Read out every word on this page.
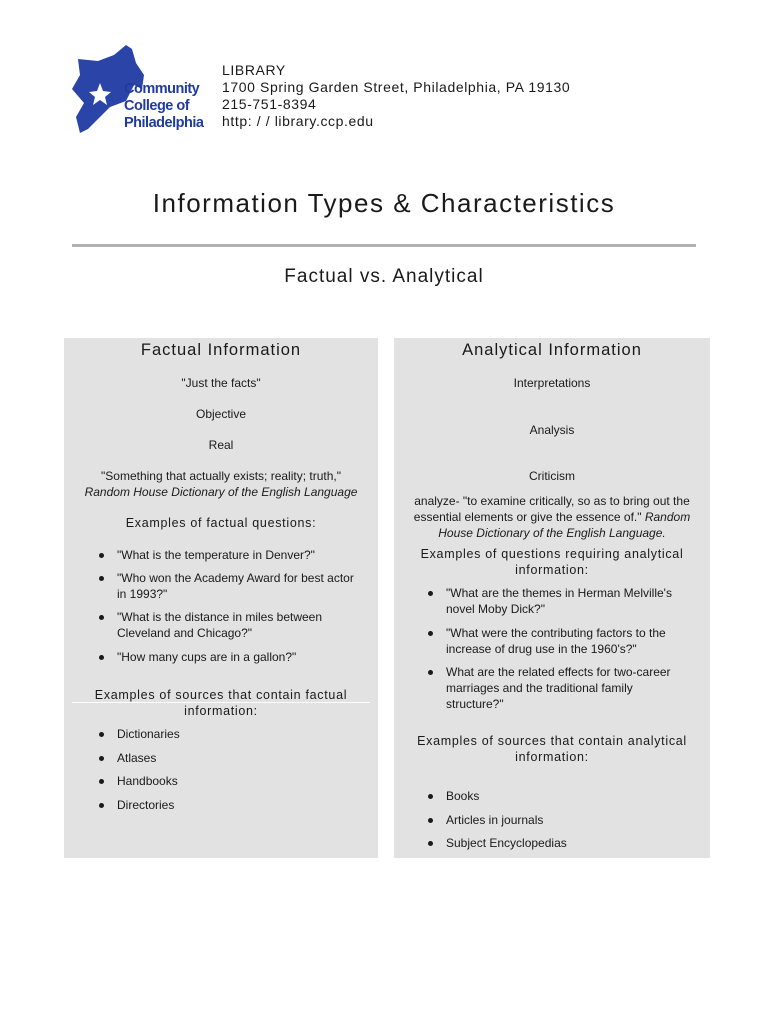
Community
College of
Philadelphia
LIBRARY
1700 Spring Garden Street, Philadelphia, PA 19130
215-751-8394
http: / / library.ccp.edu
Information Types & Characteristics
Factual vs. Analytical
Factual Information
"Just the facts"
Objective
Real
"Something that actually exists; reality; truth,"
Random House Dictionary of the English Language
Examples of factual questions:
"What is the temperature in Denver?"
"Who won the Academy Award for best actor
in 1993?"
"What is the distance in miles between
Cleveland and Chicago?"
"How many cups are in a gallon?"
Examples of sources that contain factual
information:
Dictionaries
Atlases
Handbooks
Directories
Analytical Information
Interpretations
Analysis
Criticism
analyze- "to examine critically, so as to bring out the
essential elements or give the essence of." Random
House Dictionary of the English Language.
Examples of questions requiring analytical
information:
"What are the themes in Herman Melville's
novel Moby Dick?"
"What were the contributing factors to the
increase of drug use in the 1960's?"
What are the related effects for two-career
marriages and the traditional family
structure?"
Examples of sources that contain analytical
information:
Books
Articles in journals
Subject Encyclopedias
